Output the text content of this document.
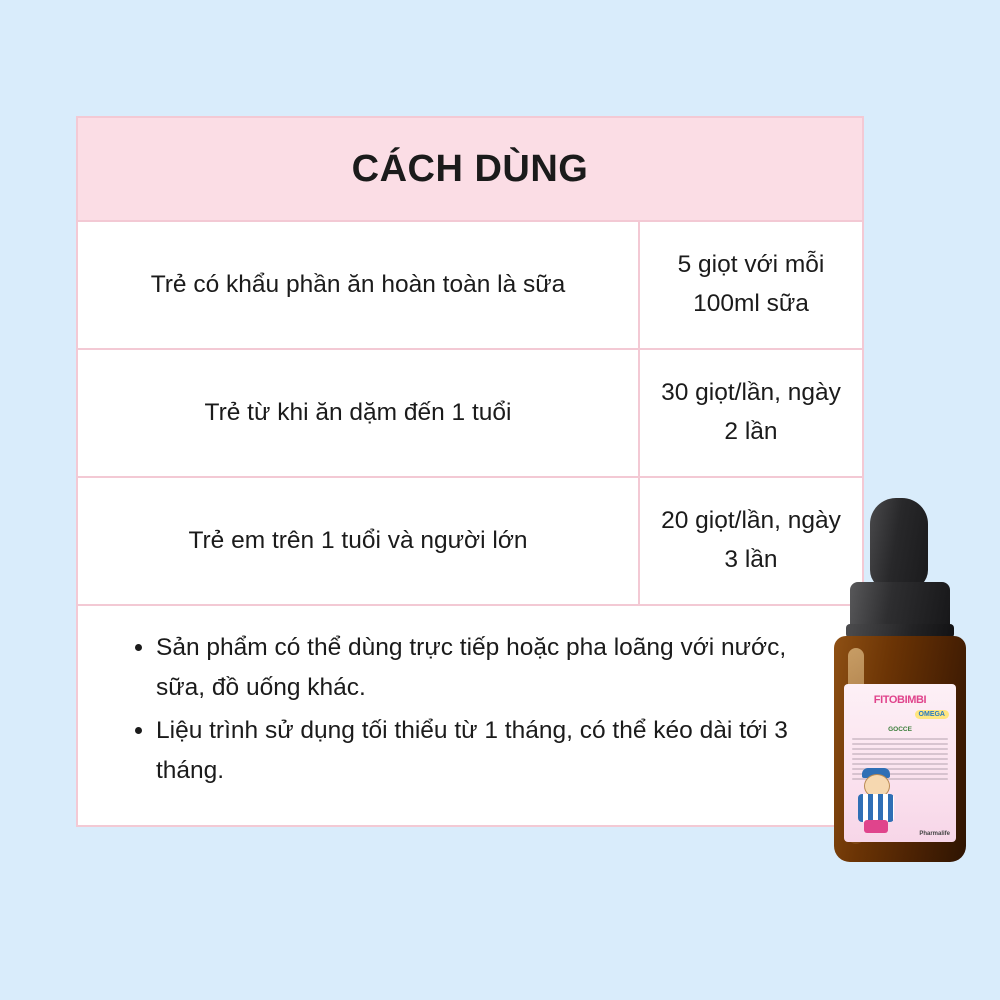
CÁCH DÙNG
Trẻ có khẩu phần ăn hoàn toàn là sữa
5 giọt với mỗi 100ml sữa
Trẻ từ khi ăn dặm đến 1 tuổi
30 giọt/lần, ngày 2 lần
Trẻ em trên 1 tuổi và người lớn
20 giọt/lần, ngày 3 lần
• Sản phẩm có thể dùng trực tiếp hoặc pha loãng với nước, sữa, đồ uống khác.
• Liệu trình sử dụng tối thiểu từ 1 tháng, có thể kéo dài tới 3 tháng.
FITOBIMBI
OMEGA
GOCCE
Pharmalife
